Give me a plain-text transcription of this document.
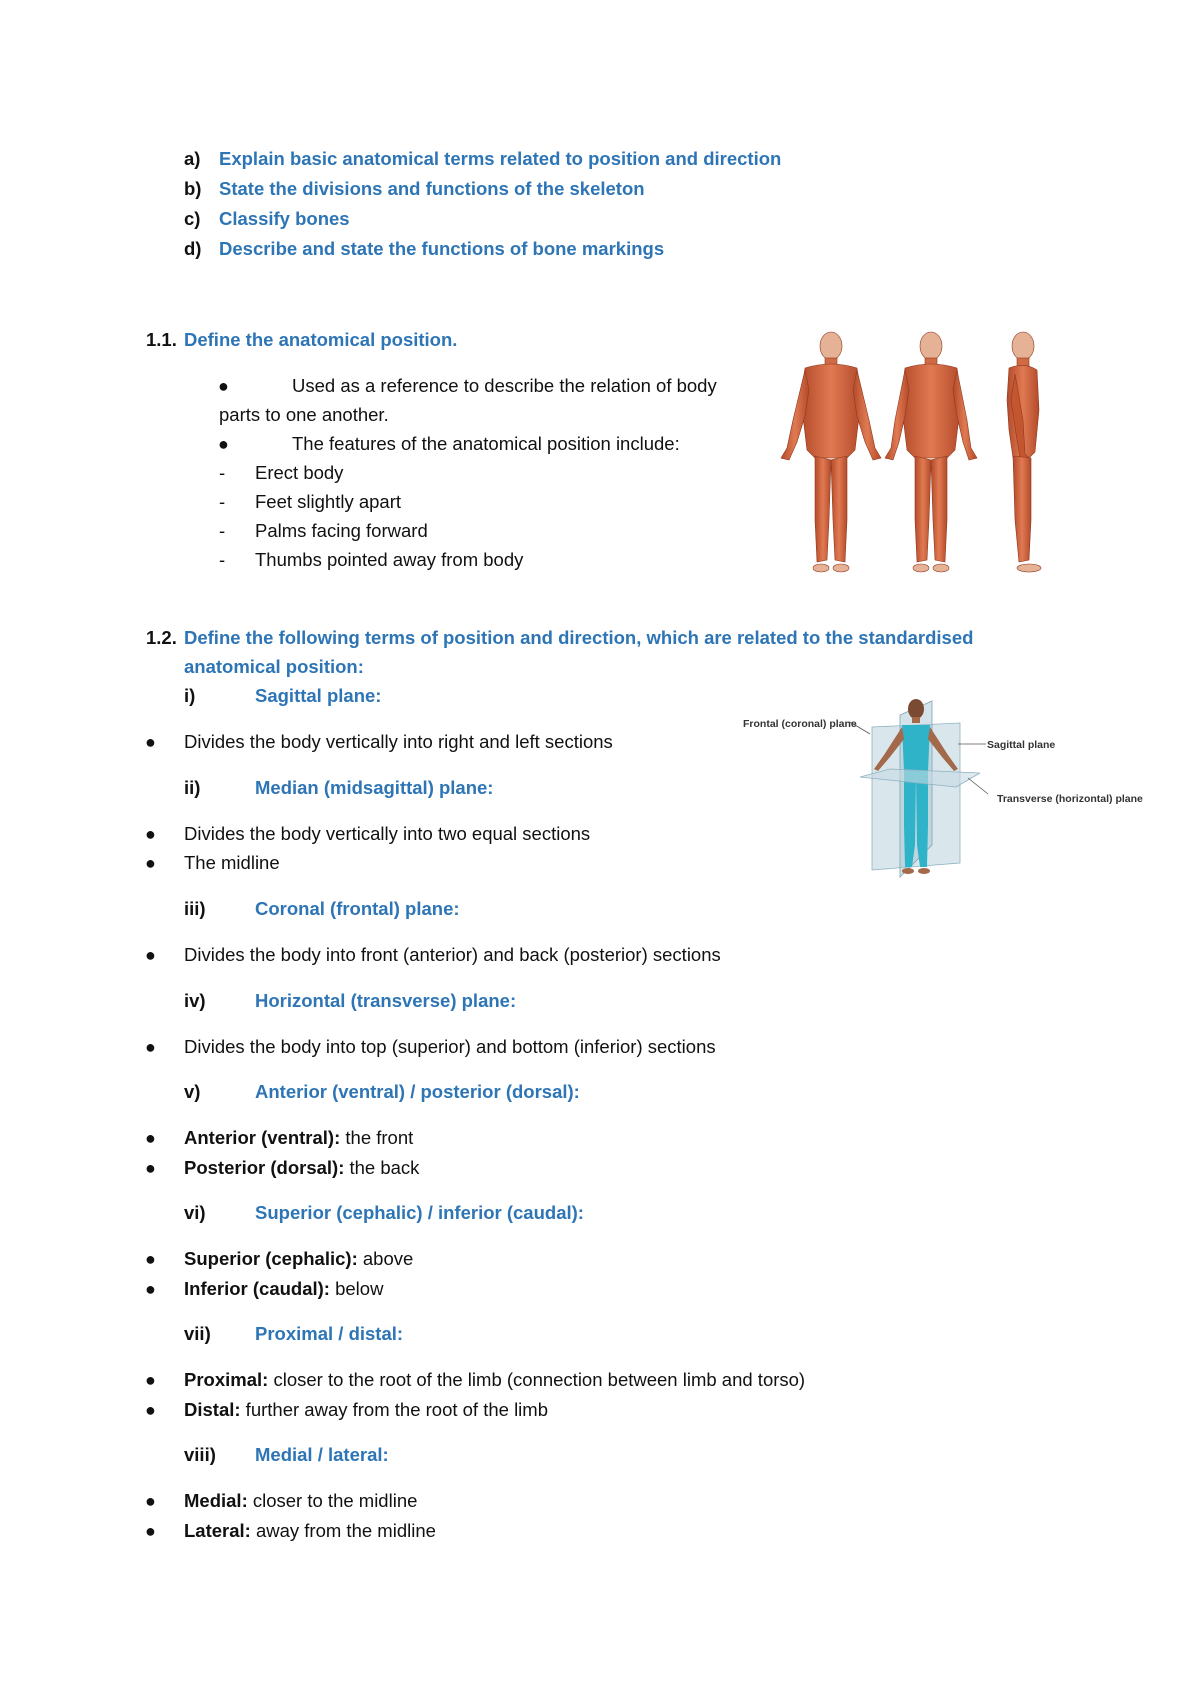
a) Explain basic anatomical terms related to position and direction
b) State the divisions and functions of the skeleton
c) Classify bones
d) Describe and state the functions of bone markings
1.1. Define the anatomical position.
●	Used as a reference to describe the relation of body
parts to one another.
●	The features of the anatomical position include:
- Erect body
- Feet slightly apart
- Palms facing forward
- Thumbs pointed away from body
1.2. Define the following terms of position and direction, which are related to the standardised
anatomical position:
i)	Sagittal plane:
● Divides the body vertically into right and left sections
ii)	Median (midsagittal) plane:
● Divides the body vertically into two equal sections
● The midline
iii)	Coronal (frontal) plane:
● Divides the body into front (anterior) and back (posterior) sections
iv)	Horizontal (transverse) plane:
● Divides the body into top (superior) and bottom (inferior) sections
v)	Anterior (ventral) / posterior (dorsal):
● Anterior (ventral): the front
● Posterior (dorsal): the back
vi)	Superior (cephalic) / inferior (caudal):
● Superior (cephalic): above
● Inferior (caudal): below
vii) Proximal / distal:
● Proximal: closer to the root of the limb (connection between limb and torso)
● Distal: further away from the root of the limb
viii) Medial / lateral:
● Medial: closer to the midline
● Lateral: away from the midline
Frontal (coronal) plane
Sagittal plane
Transverse (horizontal) plane
